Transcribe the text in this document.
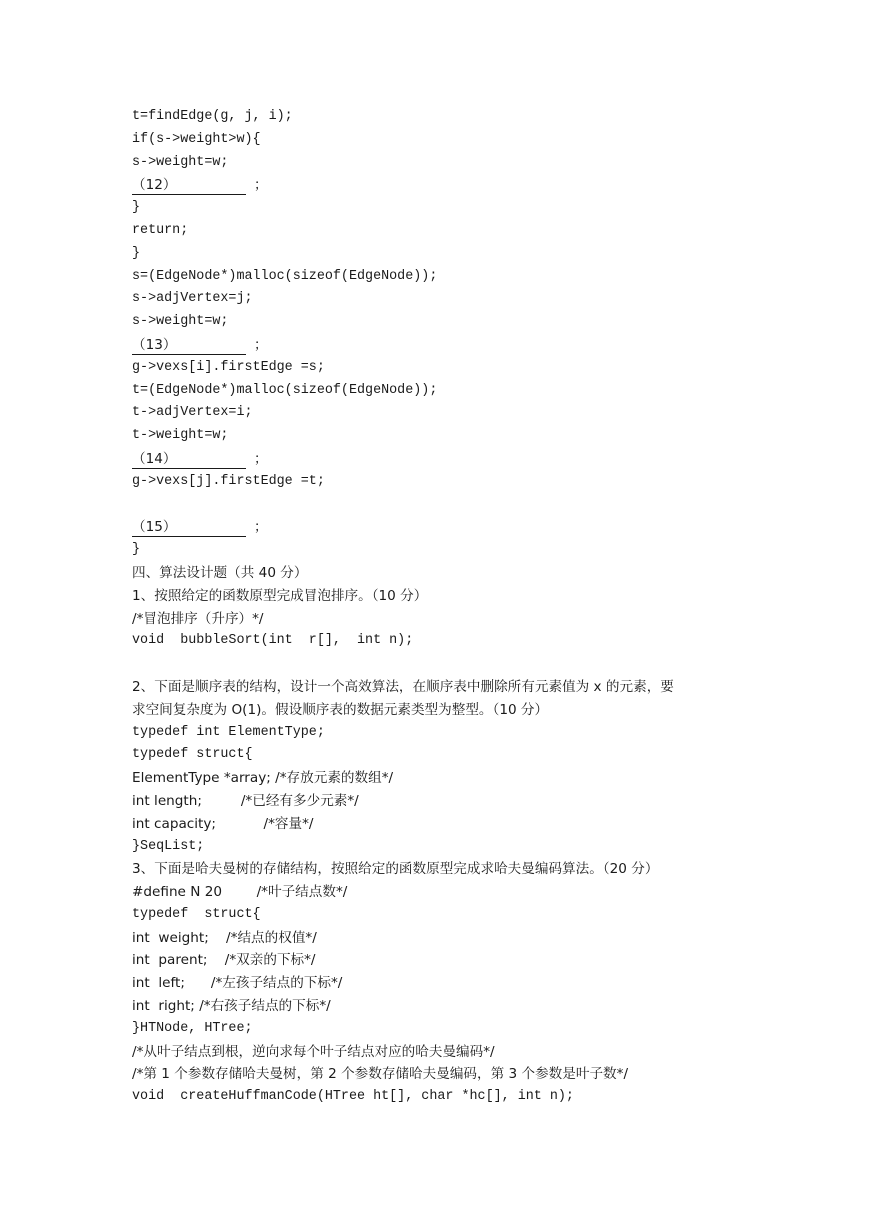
t=findEdge(g, j, i);
if(s->weight>w){
s->weight=w;
（12）	；
}
return;
}
s=(EdgeNode*)malloc(sizeof(EdgeNode));
s->adjVertex=j;
s->weight=w;
（13）	；
g->vexs[i].firstEdge =s;
t=(EdgeNode*)malloc(sizeof(EdgeNode));
t->adjVertex=i;
t->weight=w;
（14）	；
g->vexs[j].firstEdge =t;
（15）	；
}
四、算法设计题（共 40 分）
1、按照给定的函数原型完成冒泡排序。（10 分）
/*冒泡排序（升序）*/
void  bubbleSort(int  r[],  int n);
2、下面是顺序表的结构，设计一个高效算法，在顺序表中删除所有元素值为 x 的元素，要
求空间复杂度为 O(1)。假设顺序表的数据元素类型为整型。（10 分）
typedef int ElementType;
typedef struct{
ElementType *array; /*存放元素的数组*/
int length;         /*已经有多少元素*/
int capacity;           /*容量*/
}SeqList;
3、下面是哈夫曼树的存储结构，按照给定的函数原型完成求哈夫曼编码算法。（20 分）
#define N 20        /*叶子结点数*/
typedef  struct{
int  weight;    /*结点的权值*/
int  parent;    /*双亲的下标*/
int  left;      /*左孩子结点的下标*/
int  right; /*右孩子结点的下标*/
}HTNode, HTree;
/*从叶子结点到根，逆向求每个叶子结点对应的哈夫曼编码*/
/*第 1 个参数存储哈夫曼树，第 2 个参数存储哈夫曼编码，第 3 个参数是叶子数*/
void  createHuffmanCode(HTree ht[], char *hc[], int n);
